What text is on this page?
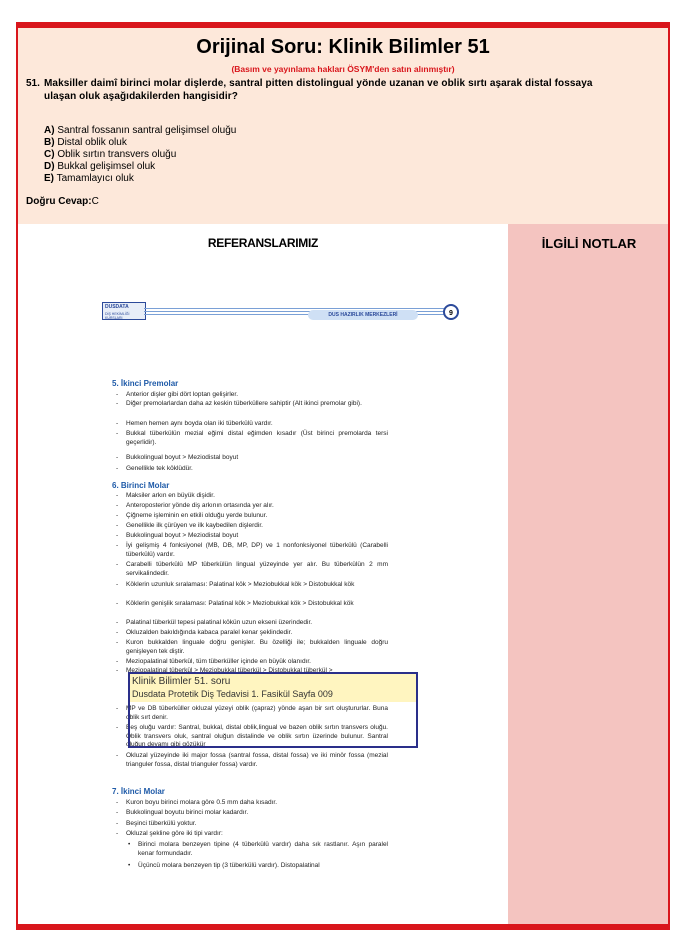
Orijinal Soru: Klinik Bilimler 51
(Basım ve yayınlama hakları ÖSYM'den satın alınmıştır)
51. Maksiller daimî birinci molar dişlerde, santral pitten distolingual yönde uzanan ve oblik sırtı aşarak distal fossaya ulaşan oluk aşağıdakilerden hangisidir?
A) Santral fossanın santral gelişimsel oluğu
B) Distal oblik oluk
C) Oblik sırtın transvers oluğu
D) Bukkal gelişimsel oluk
E) Tamamlayıcı oluk
Doğru Cevap:C
REFERANSLARIMIZ
DUSDATA
DİŞ HEKİMLİĞİ KURSLARI	DUS HAZIRLIK MERKEZLERİ	9
5. İkinci Premolar
- Anterior dişler gibi dört loptan gelişirler.
- Diğer premolarlardan daha az keskin tüberküllere sahiptir (Alt ikinci premolar gibi).
- Hemen hemen aynı boyda olan iki tüberkülü vardır.
- Bukkal tüberkülün mezial eğimi distal eğimden kısadır (Üst birinci premolarda tersi geçerlidir).
- Bukkolingual boyut > Meziodistal boyut
- Genellikle tek köklüdür.
6. Birinci Molar
- Maksiler arkın en büyük dişidir.
- Anteroposterior yönde diş arkının ortasında yer alır.
- Çiğneme işleminin en etkili olduğu yerde bulunur.
- Genellikle ilk çürüyen ve ilk kaybedilen dişlerdir.
- Bukkolingual boyut > Meziodistal boyut
- İyi gelişmiş 4 fonksiyonel (MB, DB, MP, DP) ve 1 nonfonksiyonel tüberkülü (Carabelli tüberkülü) vardır.
- Carabelli tüberkülü MP tüberkülün lingual yüzeyinde yer alır. Bu tüberkülün 2 mm servikalindedir.
- Köklerin uzunluk sıralaması: Palatinal kök > Meziobukkal kök > Distobukkal kök
- Köklerin genişlik sıralaması: Palatinal kök > Meziobukkal kök > Distobukkal kök
- Palatinal tüberkül tepesi palatinal kökün uzun ekseni üzerindedir.
- Okluzalden bakıldığında kabaca paralel kenar şeklindedir.
- Kuron bukkalden linguale doğru genişler. Bu özelliği ile; bukkalden linguale doğru genişleyen tek diştir.
- Meziopalatinal tüberkül, tüm tüberküller içinde en büyük olanıdır.
- Meziopalatinal tüberkül > Meziobukkal tüberkül > Distobukkal tüberkül >
- MP ve DB tüberküller okluzal yüzeyi oblik (çapraz) yönde aşan bir sırt oluştururlar. Buna oblik sırt denir.
- Beş oluğu vardır: Santral, bukkal, distal oblik,lingual ve bazen oblik sırtın transvers oluğu. Oblik transvers oluk, santral oluğun distalinde ve oblik sırtın üzerinde bulunur. Santral oluğun devamı gibi gözükür
- Okluzal yüzeyinde iki major fossa (santral fossa, distal fossa) ve iki minör fossa (mezial trianguler fossa, distal trianguler fossa) vardır.
Klinik Bilimler 51. soru
Dusdata Protetik Diş Tedavisi 1. Fasikül Sayfa 009
7. İkinci Molar
- Kuron boyu birinci molara göre 0.5 mm daha kısadır.
- Bukkolingual boyutu birinci molar kadardır.
- Beşinci tüberkülü yoktur.
- Okluzal şekline göre iki tipi vardır:
• Birinci molara benzeyen tipine (4 tüberkülü vardır) daha sık rastlanır. Aşın paralel kenar formundadır.
• Üçüncü molara benzeyen tip (3 tüberkülü vardır). Distopalatinal
İLGİLİ NOTLAR
